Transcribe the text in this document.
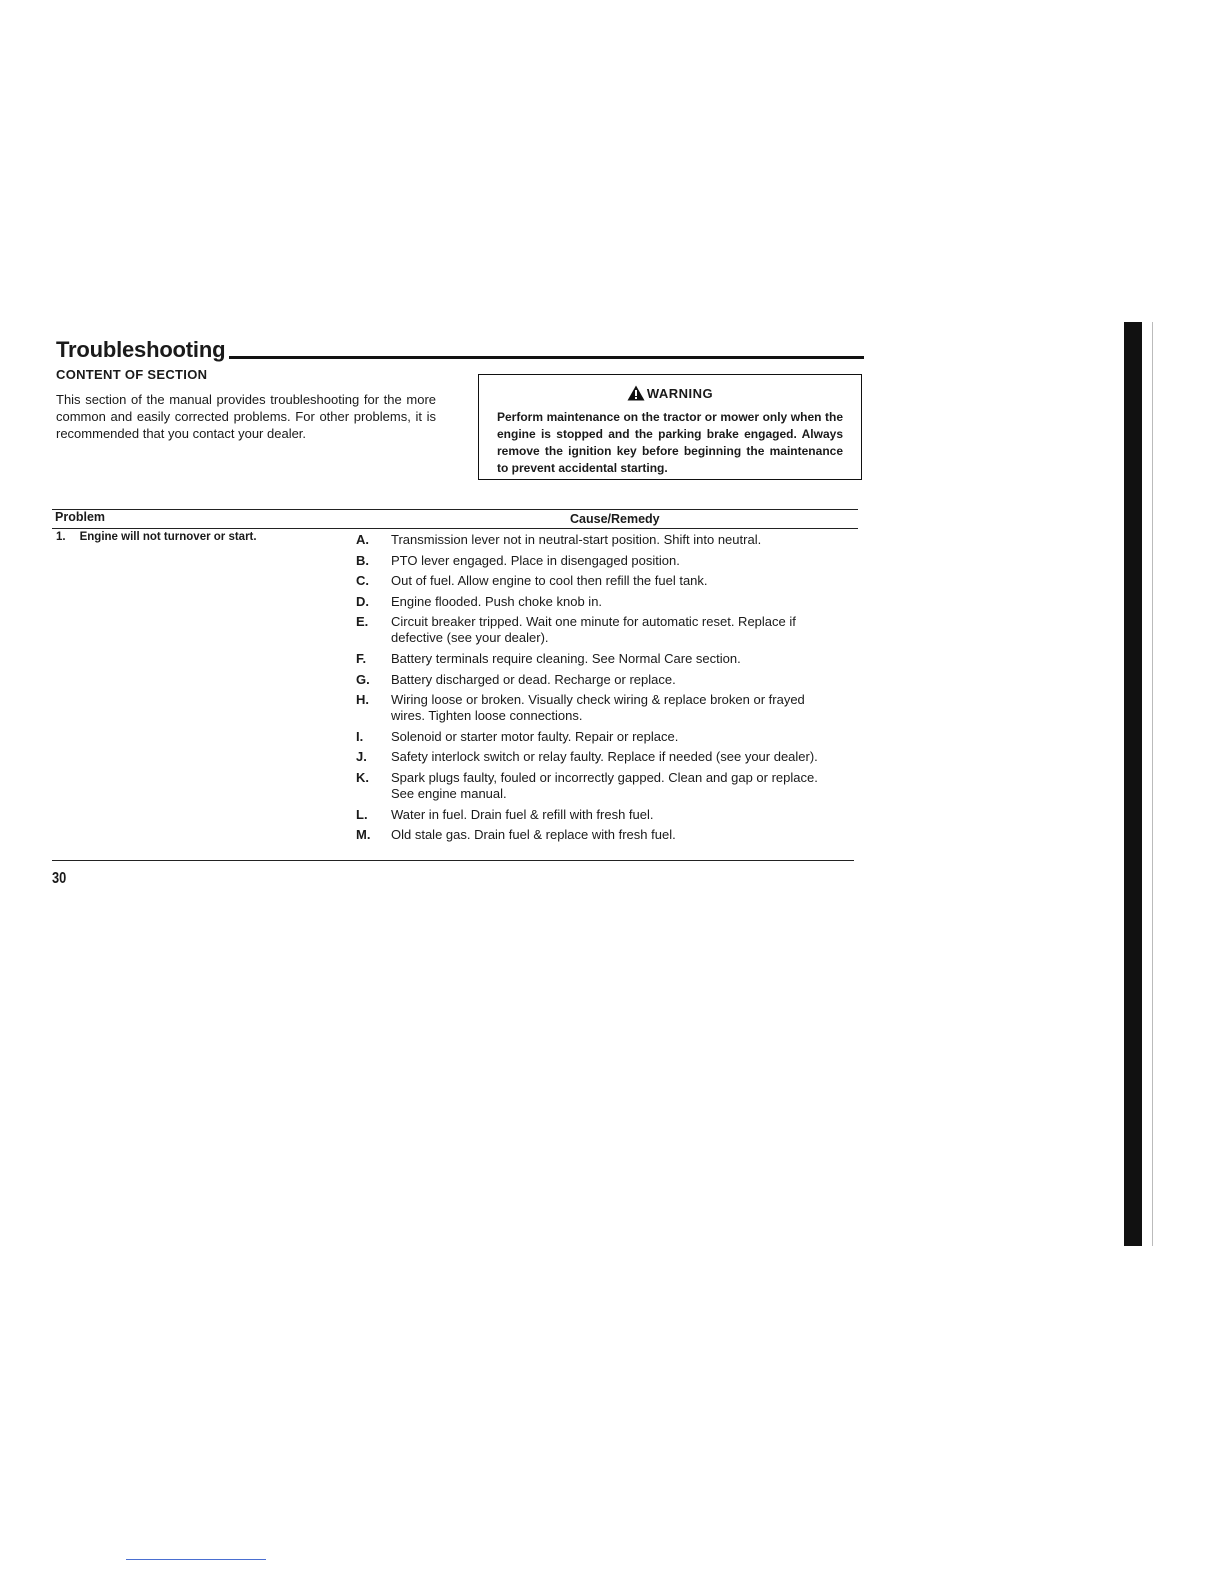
Troubleshooting
CONTENT OF SECTION
This section of the manual provides troubleshooting for the more common and easily corrected problems. For other problems, it is recommended that you contact your dealer.
WARNING
Perform maintenance on the tractor or mower only when the engine is stopped and the parking brake engaged. Always remove the ignition key before beginning the maintenance to prevent accidental starting.
Problem	Cause/Remedy
1. Engine will not turnover or start.	A.	Transmission lever not in neutral-start position. Shift into neutral.
B.	PTO lever engaged. Place in disengaged position.
C.	Out of fuel. Allow engine to cool then refill the fuel tank.
D.	Engine flooded. Push choke knob in.
E.	Circuit breaker tripped. Wait one minute for automatic reset. Replace if defective (see your dealer).
F.	Battery terminals require cleaning. See Normal Care section.
G.	Battery discharged or dead. Recharge or replace.
H.	Wiring loose or broken. Visually check wiring & replace broken or frayed wires. Tighten loose connections.
I.	Solenoid or starter motor faulty. Repair or replace.
J.	Safety interlock switch or relay faulty. Replace if needed (see your dealer).
K.	Spark plugs faulty, fouled or incorrectly gapped. Clean and gap or replace. See engine manual.
L.	Water in fuel. Drain fuel & refill with fresh fuel.
M.	Old stale gas. Drain fuel & replace with fresh fuel.
30
